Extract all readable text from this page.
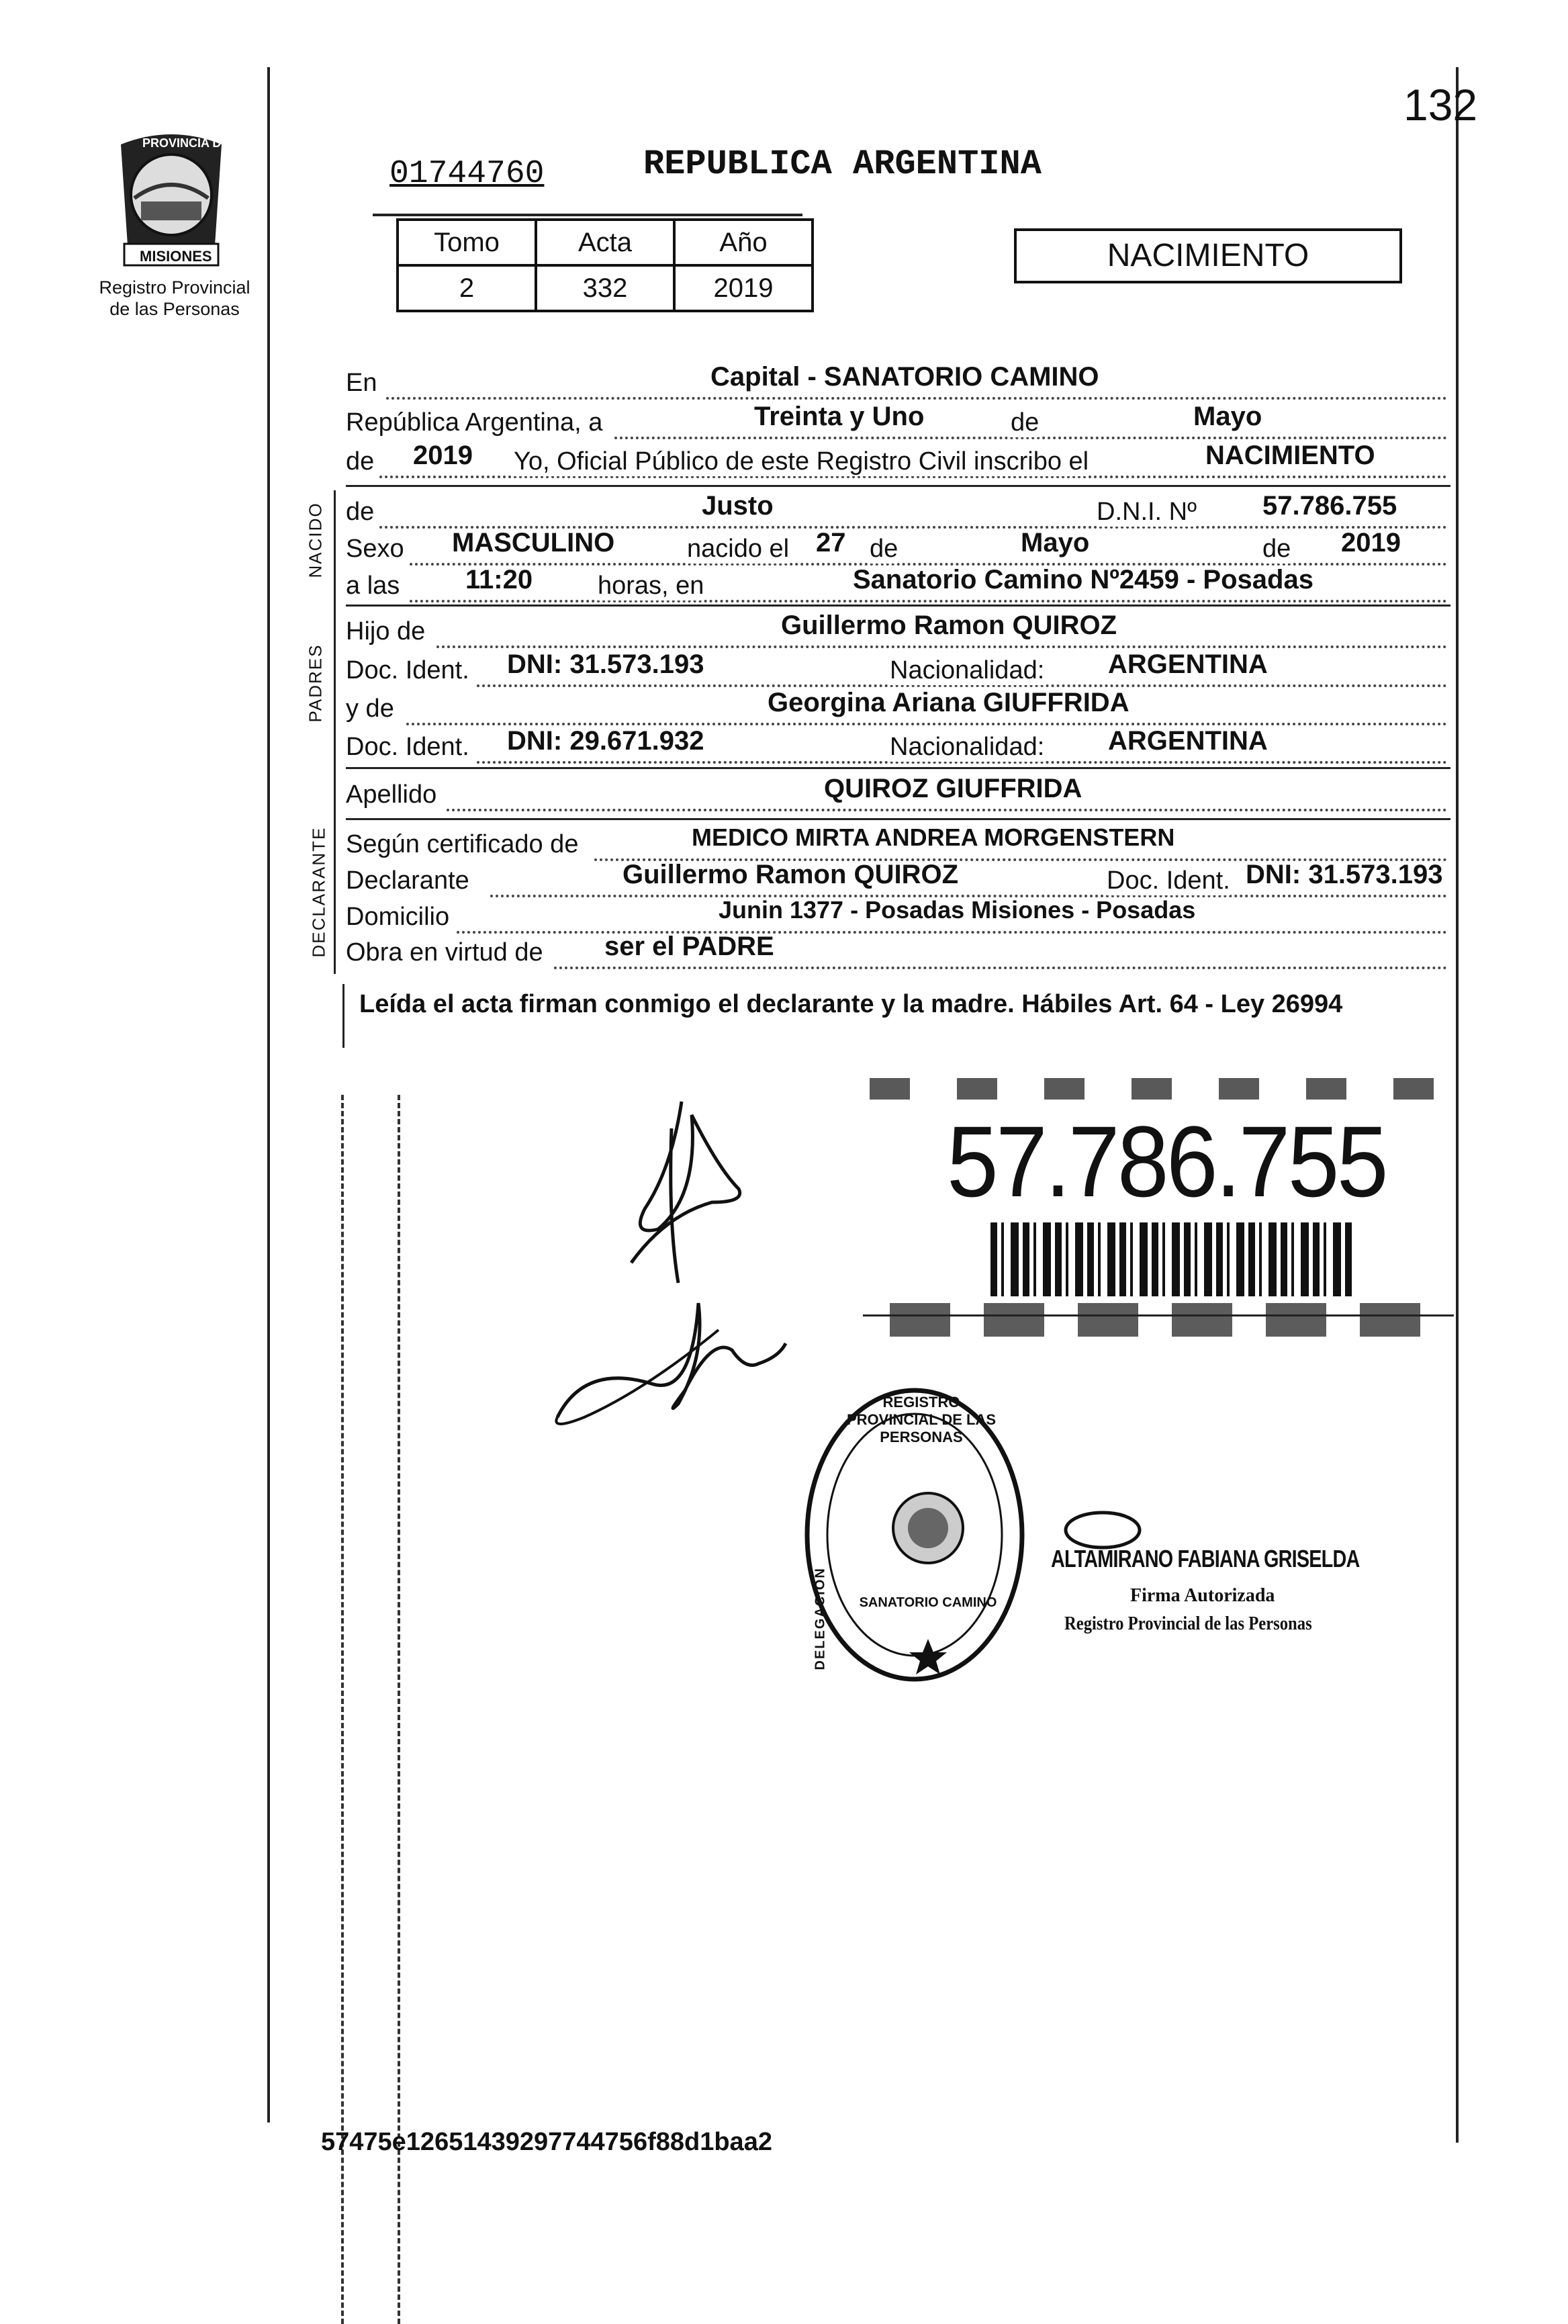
132
PROVINCIA DE
MISIONES
Registro Provincial de las Personas
01744760	REPUBLICA ARGENTINA
Tomo	Acta	Año
2	332	2019
NACIMIENTO
NACIDO
PADRES
DECLARANTE
En	Capital - SANATORIO CAMINO
República Argentina, a	Treinta y Uno	de	Mayo
de 2019 Yo, Oficial Público de este Registro Civil inscribo el	NACIMIENTO
de	Justo	D.N.I. Nº 57.786.755
Sexo MASCULINO	nacido el 27 de	Mayo	de 2019
a las 11:20	horas, en	Sanatorio Camino Nº2459 - Posadas
Hijo de	Guillermo Ramon QUIROZ
Doc. Ident. DNI: 31.573.193	Nacionalidad: ARGENTINA
y de	Georgina Ariana GIUFFRIDA
Doc. Ident. DNI: 29.671.932	Nacionalidad: ARGENTINA
Apellido	QUIROZ GIUFFRIDA
Según certificado de	MEDICO MIRTA ANDREA MORGENSTERN
Declarante	Guillermo Ramon QUIROZ	Doc. Ident. DNI: 31.573.193
Domicilio	Junin 1377 - Posadas Misiones - Posadas
Obra en virtud de ser el PADRE
Leída el acta firman conmigo el declarante y la madre. Hábiles Art. 64 - Ley 26994
57.786.755
REGISTRO PROVINCIAL DE LAS PERSONAS
SANATORIO CAMINO
DELEGACION
ALTAMIRANO FABIANA GRISELDA
Firma Autorizada
Registro Provincial de las Personas
57475e12651439297744756f88d1baa2
